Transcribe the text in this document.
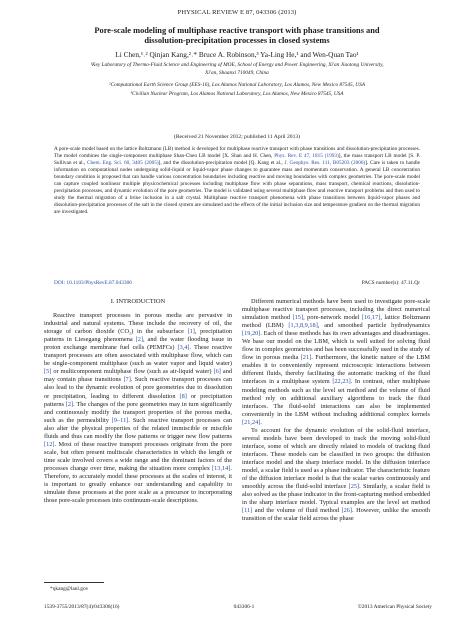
PHYSICAL REVIEW E 87, 043306 (2013)
Pore-scale modeling of multiphase reactive transport with phase transitions and
dissolution-precipitation processes in closed systems
Li Chen,¹˒² Qinjan Kang,²˒* Bruce A. Robinson,³ Ya-Ling He,¹ and Wen-Quan Tao¹
¹Key Laboratory of Thermo-Fluid Science and Engineering of MOE, School of Energy and Power Engineering, Xi'an Jiaotong University,
Xi'an, Shaanxi 710049, China
²Computational Earth Science Group (EES-16), Los Alamos National Laboratory, Los Alamos, New Mexico 87545, USA
³Civilian Nuclear Program, Los Alamos National Laboratory, Los Alamos, New Mexico 87545, USA
(Received 21 November 2012; published 11 April 2013)
A pore-scale model based on the lattice Boltzmann (LB) method is developed for multiphase reactive transport with phase transitions and dissolution-precipitation processes. The model combines the single-component multiphase Shan-Chen LB model [X. Shan and H. Chen, Phys. Rev. E 47, 1815 (1993)], the mass transport LB model [S. P. Sullivan et al., Chem. Eng. Sci. 60, 3405 (2005)], and the dissolution-precipitation model [Q. Kang et al., J. Geophys. Res. 111, B05203 (2006)]. Care is taken to handle information on computational nodes undergoing solid-liquid or liquid-vapor phase changes to guarantee mass and momentum conservation. A general LB concentration boundary condition is proposed that can handle various concentration boundaries including reactive and moving boundaries with complex geometries. The pore-scale model can capture coupled nonlinear multiple physicochemical processes including multiphase flow with phase separations, mass transport, chemical reactions, dissolution-precipitation processes, and dynamic evolution of the pore geometries. The model is validated using several multiphase flow and reactive transport problems and then used to study the thermal migration of a brine inclusion in a salt crystal. Multiphase reactive transport phenomena with phase transitions between liquid-vapor phases and dissolution-precipitation processes of the salt in the closed system are simulated and the effects of the initial inclusion size and temperature gradient on the thermal migration are investigated.
DOI: 10.1103/PhysRevE.87.043306	PACS number(s): 47.11.Qr
I. INTRODUCTION

Reactive transport processes in porous media are pervasive in industrial and natural systems. These include the recovery of oil, the storage of carbon dioxide (CO₂) in the subsurface [1], precipitation patterns in Liesegang phenomena [2], and the water flooding issue in proton exchange membrane fuel cells (PEMFCs) [3,4]. These reactive transport processes are often associated with multiphase flow, which can be single-component multiphase (such as water vapor and liquid water) [5] or multicomponent multiphase flow (such as air-liquid water) [6] and may contain phase transitions [7]. Such reactive transport processes can also lead to the dynamic evolution of pore geometries due to dissolution or precipitation, leading to different dissolution [8] or precipitation patterns [2]. The changes of the pore geometries may in turn significantly and continuously modify the transport properties of the porous media, such as the permeability [9–11]. Such reactive transport processes can also alter the physical properties of the related immiscible or miscible fluids and thus can modify the flow patterns or trigger new flow patterns [12]. Most of these reactive transport processes originate from the pore scale, but often present multiscale characteristics in which the length or time scale involved covers a wide range and the dominant factors of the processes change over time, making the situation more complex [13,14]. Therefore, to accurately model these processes at the scales of interest, it is important to greatly enhance our understanding and capability to simulate these processes at the pore scale as a precursor to incorporating those pore-scale processes into continuum-scale descriptions.

Different numerical methods have been used to investigate pore-scale multiphase reactive transport processes, including the direct numerical simulation method [15], pore-network model [16,17], lattice Boltzmann method (LBM) [1,3,8,9,18], and smoothed particle hydrodynamics [19,20]. Each of these methods has its own advantages and disadvantages. We base our model on the LBM, which is well suited for solving fluid flow in complex geometries and has been successfully used in the study of flow in porous media [21]. Furthermore, the kinetic nature of the LBM enables it to conveniently represent microscopic interactions between different fluids, thereby facilitating the automatic tracking of the fluid interfaces in a multiphase system [22,23]. In contrast, other multiphase modeling methods such as the level set method and the volume of fluid method rely on additional auxiliary algorithms to track the fluid interfaces. The fluid-solid interactions can also be implemented conveniently in the LBM without including additional complex kernels [21,24].

To account for the dynamic evolution of the solid-fluid interface, several models have been developed to track the moving solid-fluid interface, some of which are directly related to models of tracking fluid interfaces. These models can be classified in two groups: the diffusion interface model and the sharp interface model. In the diffusion interface model, a scalar field is used as a phase indicator. The characteristic feature of the diffusion interface model is that the scalar varies continuously and smoothly across the fluid-solid interface [25]. Similarly, a scalar field is also solved as the phase indicator in the front-capturing method embedded in the sharp interface model. Typical examples are the level set method [11] and the volume of fluid method [26]. However, unlike the smooth transition of the scalar field across the phase

*qkang@lanl.gov
1539-3755/2013/87(4)/043306(16)	043306-1	©2013 American Physical Society
